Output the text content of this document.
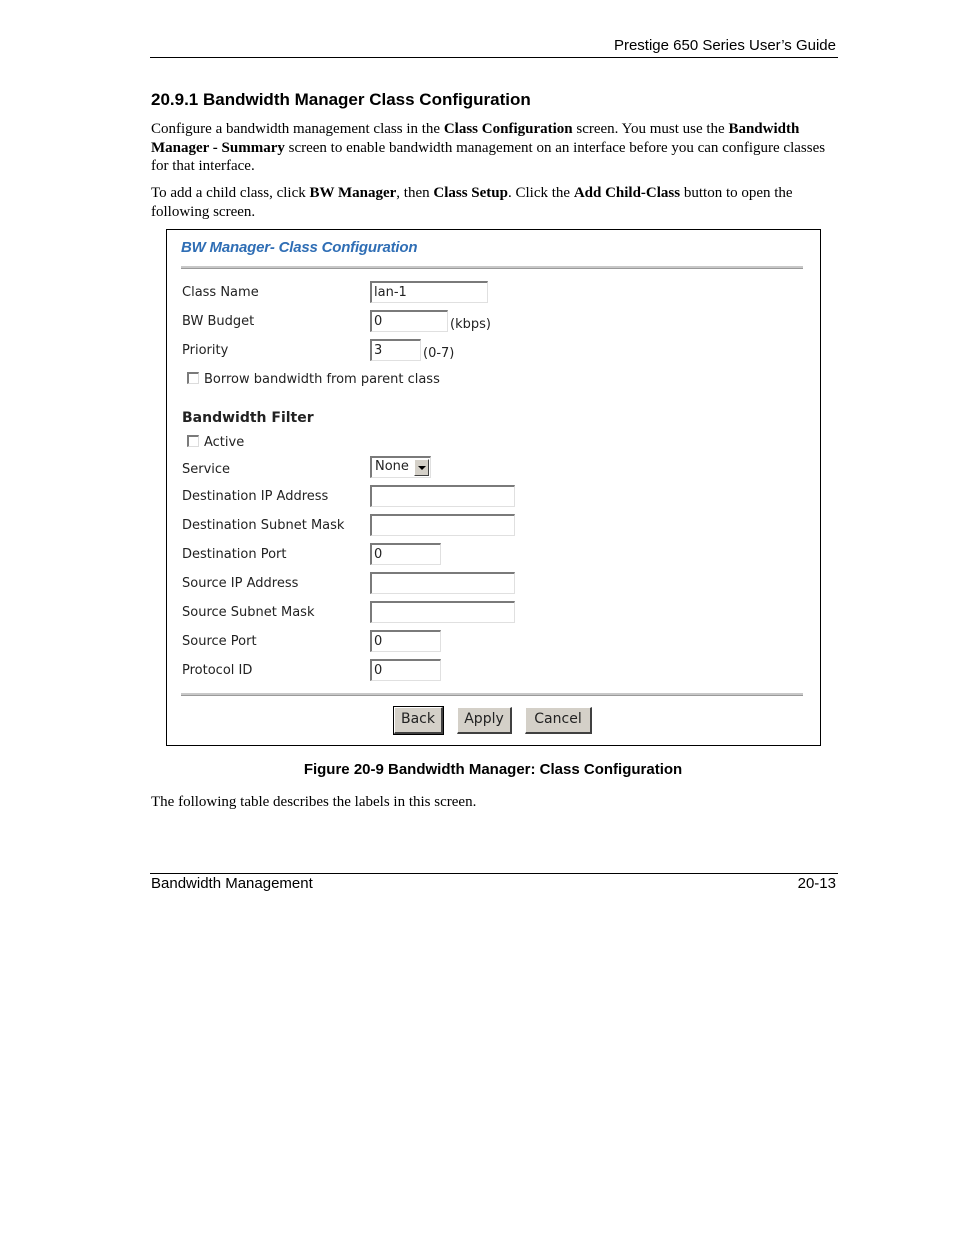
Prestige 650 Series User’s Guide
20.9.1 Bandwidth Manager Class Configuration

Configure a bandwidth management class in the Class Configuration screen. You must use the Bandwidth Manager - Summary screen to enable bandwidth management on an interface before you can configure classes for that interface.

To add a child class, click BW Manager, then Class Setup. Click the Add Child-Class button to open the following screen.

BW Manager- Class Configuration
Class Name	lan-1
BW Budget	0	(kbps)
Priority	3	(0-7)
Borrow bandwidth from parent class
Bandwidth Filter
Active
Service	None
Destination IP Address
Destination Subnet Mask
Destination Port	0
Source IP Address
Source Subnet Mask
Source Port	0
Protocol ID	0
Back	Apply	Cancel
Figure 20-9 Bandwidth Manager: Class Configuration

The following table describes the labels in this screen.

Bandwidth Management	20-13
